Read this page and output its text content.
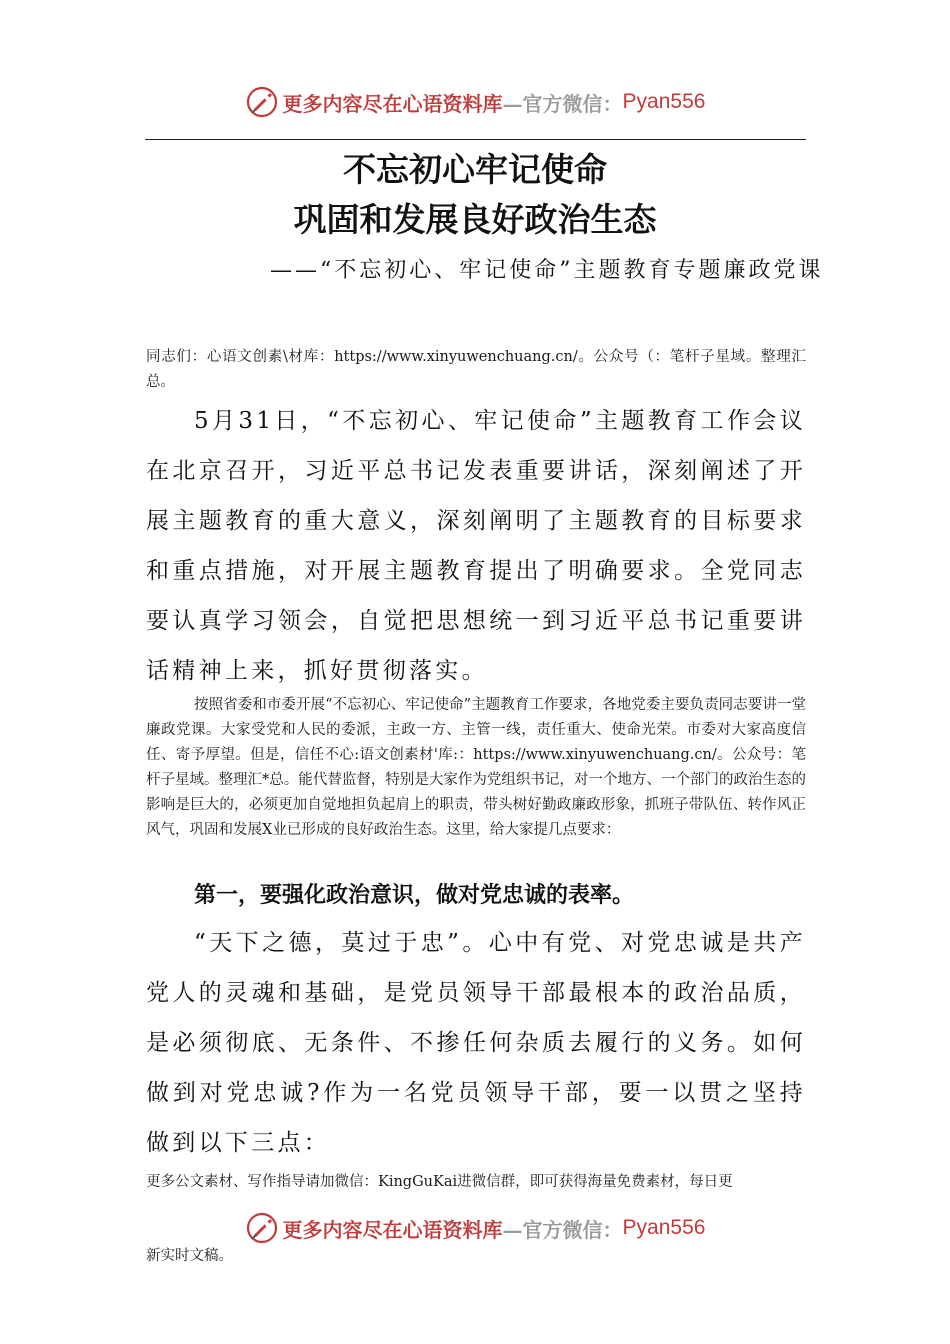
更多内容尽在心语资料库 —官方微信： Pyan556
不忘初心牢记使命
巩固和发展良好政治生态
——“不忘初心、牢记使命”主题教育专题廉政党课
同志们：心语文创素\材库：https://www.xinyuwenchuang.cn/。公众号（：笔杆子星域。整理汇总。
5月31日，“不忘初心、牢记使命”主题教育工作会议在北京召开，习近平总书记发表重要讲话，深刻阐述了开展主题教育的重大意义，深刻阐明了主题教育的目标要求和重点措施，对开展主题教育提出了明确要求。全党同志要认真学习领会，自觉把思想统一到习近平总书记重要讲话精神上来，抓好贯彻落实。
按照省委和市委开展“不忘初心、牢记使命”主题教育工作要求，各地党委主要负责同志要讲一堂廉政党课。大家受党和人民的委派，主政一方、主管一线，责任重大、使命光荣。市委对大家高度信任、寄予厚望。但是，信任不心:语文创素材'库:：https://www.xinyuwenchuang.cn/。公众号：笔杆子星域。整理汇*总。能代替监督，特别是大家作为党组织书记，对一个地方、一个部门的政治生态的影响是巨大的，必须更加自觉地担负起肩上的职责，带头树好勤政廉政形象，抓班子带队伍、转作风正风气，巩固和发展X业已形成的良好政治生态。这里，给大家提几点要求：
第一，要强化政治意识，做对党忠诚的表率。
“天下之德，莫过于忠”。心中有党、对党忠诚是共产党人的灵魂和基础，是党员领导干部最根本的政治品质，是必须彻底、无条件、不掺任何杂质去履行的义务。如何做到对党忠诚?作为一名党员领导干部，要一以贯之坚持做到以下三点：
更多公文素材、写作指导请加微信：KingGuKai进微信群，即可获得海量免费素材，每日更
更多内容尽在心语资料库 —官方微信： Pyan556
新实时文稿。
